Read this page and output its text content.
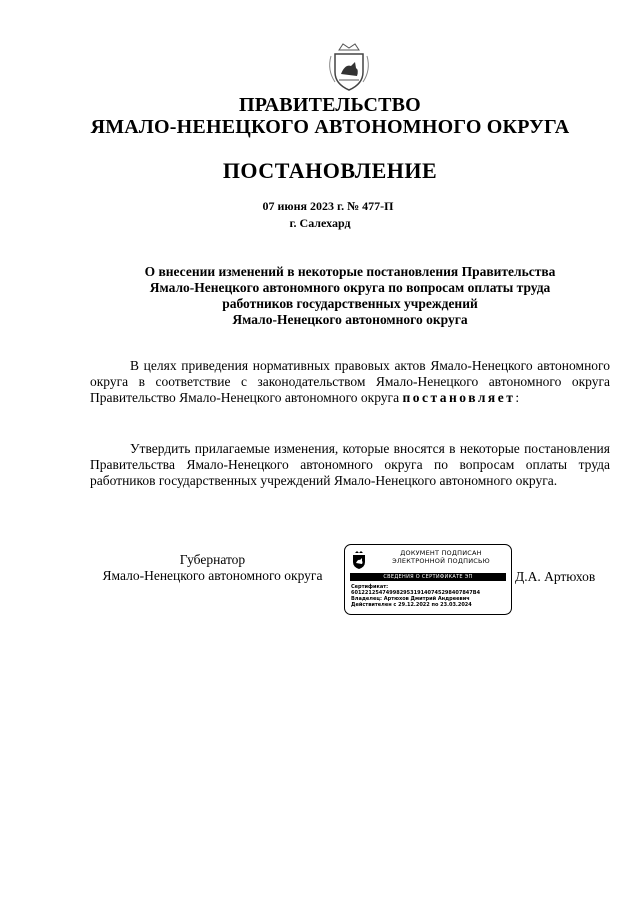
ПРАВИТЕЛЬСТВО
ЯМАЛО-НЕНЕЦКОГО АВТОНОМНОГО ОКРУГА
ПОСТАНОВЛЕНИЕ
07 июня 2023 г. № 477-П
г. Салехард
О внесении изменений в некоторые постановления Правительства
Ямало-Ненецкого автономного округа по вопросам оплаты труда
работников государственных учреждений
Ямало-Ненецкого автономного округа
В целях приведения нормативных правовых актов Ямало-Ненецкого автономного округа в соответствие с законодательством Ямало-Ненецкого автономного округа Правительство Ямало-Ненецкого автономного округа постановляет:
Утвердить прилагаемые изменения, которые вносятся в некоторые постановления Правительства Ямало-Ненецкого автономного округа по вопросам оплаты труда работников государственных учреждений Ямало-Ненецкого автономного округа.
Губернатор
Ямало-Ненецкого автономного округа
ДОКУМЕНТ ПОДПИСАН
ЭЛЕКТРОННОЙ ПОДПИСЬЮ
СВЕДЕНИЯ О СЕРТИФИКАТЕ ЭП
Сертификат:
60122125474998295319140745298407847B4
Владелец: Артюхов Дмитрий Андреевич
Действителен с 29.12.2022 по 23.03.2024
Д.А. Артюхов
